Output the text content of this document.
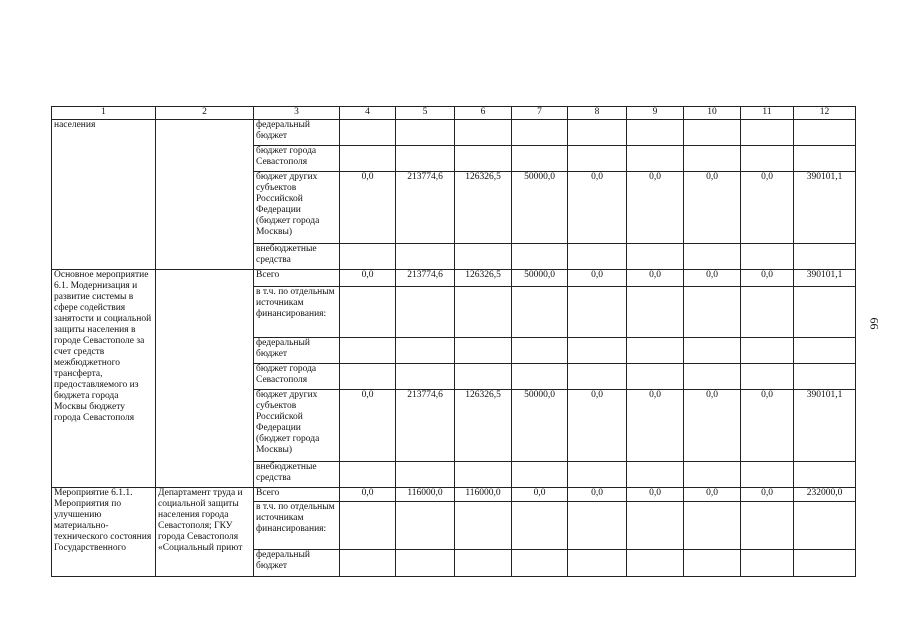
1	2	3	4	5	6	7	8	9	10	11	12
населения		федеральный бюджет									
		бюджет города Севастополя									
		бюджет других субъектов Российской Федерации (бюджет города Москвы)	0,0	213774,6	126326,5	50000,0	0,0	0,0	0,0	0,0	390101,1
		внебюджетные средства									
Основное мероприятие 6.1. Модернизация и развитие системы в сфере содействия занятости и социальной защиты населения в городе Севастополе за счет средств межбюджетного трансферта, предоставляемого из бюджета города Москвы бюджету города Севастополя		Всего	0,0	213774,6	126326,5	50000,0	0,0	0,0	0,0	0,0	390101,1
		в т.ч. по отдельным источникам финансирования:									
		федеральный бюджет									
		бюджет города Севастополя									
		бюджет других субъектов Российской Федерации (бюджет города Москвы)	0,0	213774,6	126326,5	50000,0	0,0	0,0	0,0	0,0	390101,1
		внебюджетные средства									
Мероприятие 6.1.1. Мероприятия по улучшению материально-технического состояния Государственного	Департамент труда и социальной защиты населения города Севастополя; ГКУ города Севастополя «Социальный приют	Всего	0,0	116000,0	116000,0	0,0	0,0	0,0	0,0	0,0	232000,0
		в т.ч. по отдельным источникам финансирования:									
		федеральный бюджет									
66
